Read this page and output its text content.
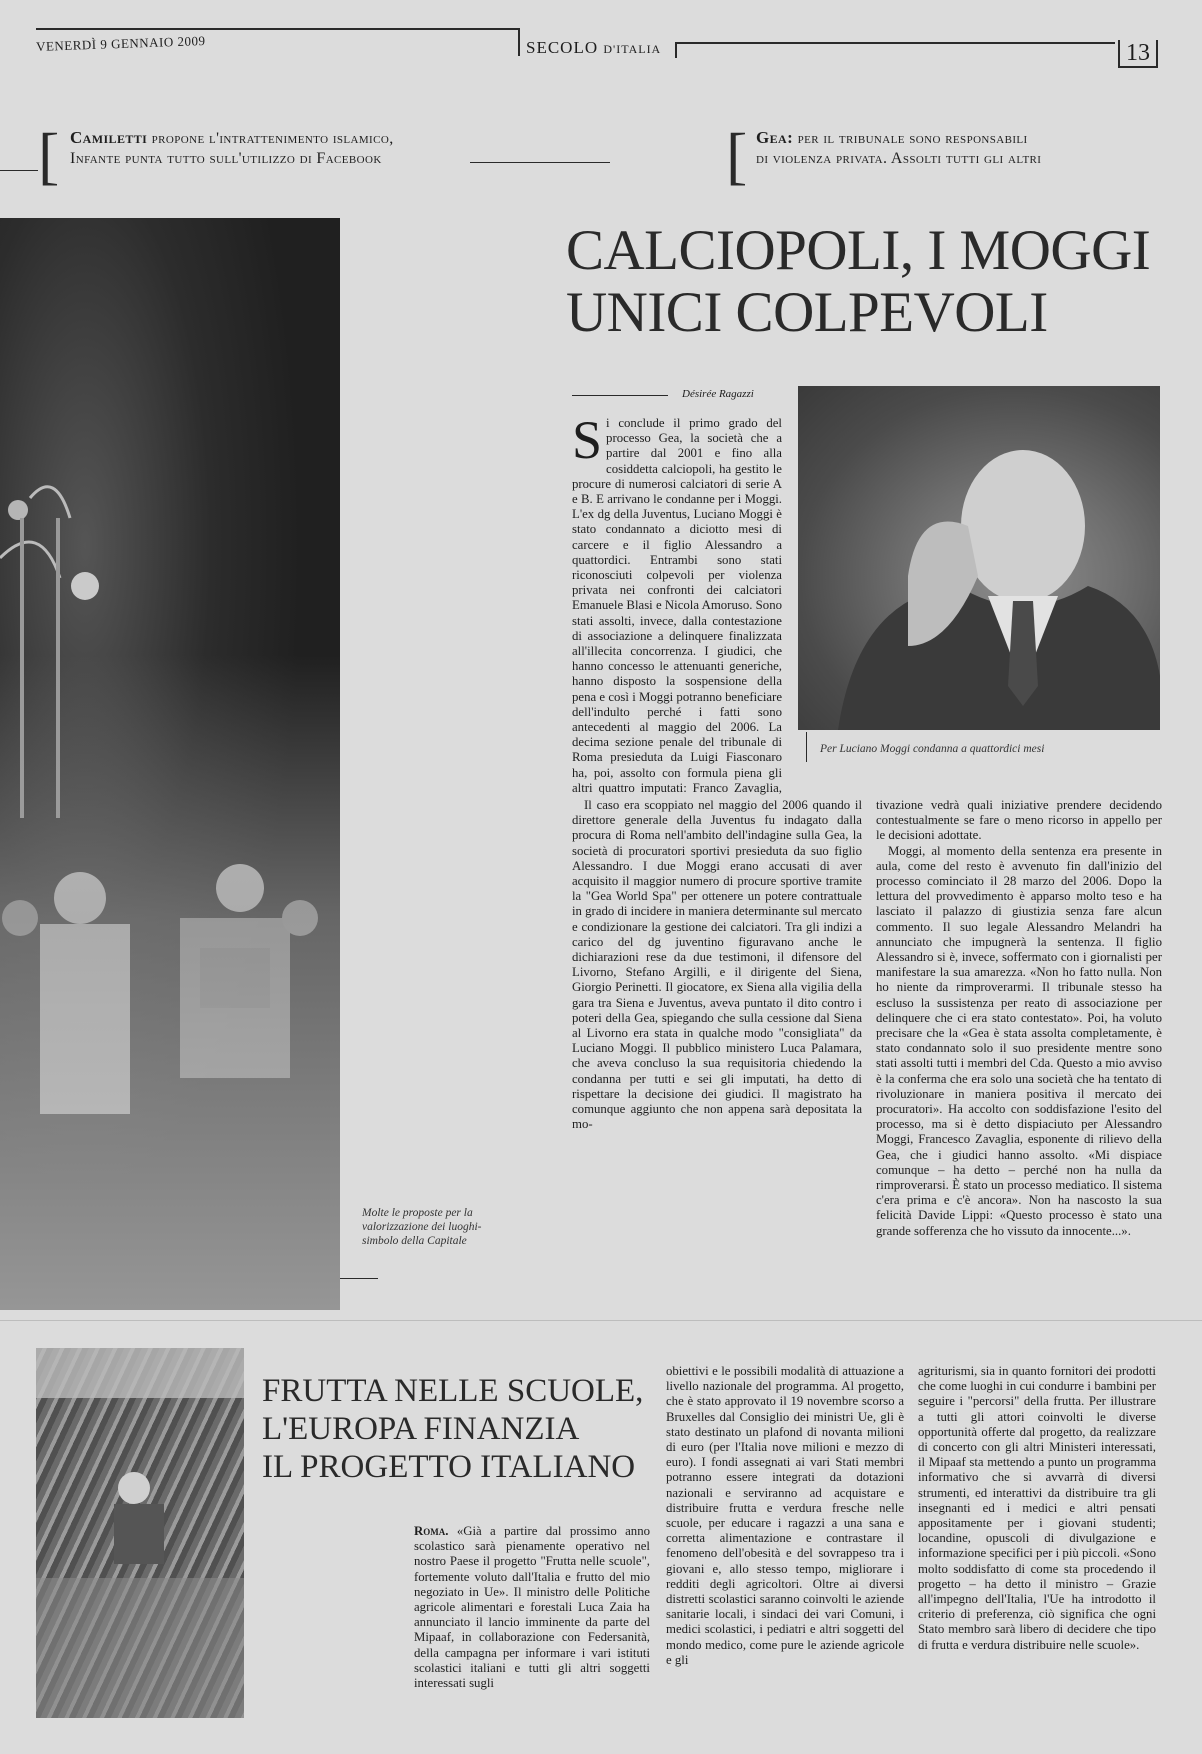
VENERDÌ 9 GENNAIO 2009	SECOLO D'ITALIA	13
[ Camiletti propone l'intrattenimento islamico,
Infante punta tutto sull'utilizzo di Facebook	[ Gea: per il tribunale sono responsabili
di violenza privata. Assolti tutti gli altri
Molte le proposte per la valorizzazione dei luoghi-simbolo della Capitale
CALCIOPOLI, I MOGGI
UNICI COLPEVOLI
Désirée Ragazzi
Per Luciano Moggi condanna a quattordici mesi

Si conclude il primo grado del processo Gea, la società che a partire dal 2001 e fino alla cosiddetta calciopoli, ha gestito le procure di numerosi calciatori di serie A e B. E arrivano le condanne per i Moggi. L'ex dg della Juventus, Luciano Moggi è stato condannato a diciotto mesi di carcere e il figlio Alessandro a quattordici. Entrambi sono stati riconosciuti colpevoli per violenza privata nei confronti dei calciatori Emanuele Blasi e Nicola Amoruso. Sono stati assolti, invece, dalla contestazione di associazione a delinquere finalizzata all'illecita concorrenza. I giudici, che hanno concesso le attenuanti generiche, hanno disposto la sospensione della pena e così i Moggi potranno beneficiare dell'indulto perché i fatti sono antecedenti al maggio del 2006. La decima sezione penale del tribunale di Roma presieduta da Luigi Fiasconaro ha, poi, assolto con formula piena gli altri quattro imputati: Franco Zavaglia,

Il caso era scoppiato nel maggio del 2006 quando il direttore generale della Juventus fu indagato dalla procura di Roma nell'ambito dell'indagine sulla Gea, la società di procuratori sportivi presieduta da suo figlio Alessandro. I due Moggi erano accusati di aver acquisito il maggior numero di procure sportive tramite la "Gea World Spa" per ottenere un potere contrattuale in grado di incidere in maniera determinante sul mercato e condizionare la gestione dei calciatori. Tra gli indizi a carico del dg juventino figuravano anche le dichiarazioni rese da due testimoni, il difensore del Livorno, Stefano Argilli, e il dirigente del Siena, Giorgio Perinetti. Il giocatore, ex Siena alla vigilia della gara tra Siena e Juventus, aveva puntato il dito contro i poteri della Gea, spiegando che sulla cessione dal Siena al Livorno era stata in qualche modo "consigliata" da Luciano Moggi. Il pubblico ministero Luca Palamara, che aveva concluso la sua requisitoria chiedendo la condanna per tutti e sei gli imputati, ha detto di rispettare la decisione dei giudici. Il magistrato ha comunque aggiunto che non appena sarà depositata la mo-

tivazione vedrà quali iniziative prendere decidendo contestualmente se fare o meno ricorso in appello per le decisioni adottate.

Moggi, al momento della sentenza era presente in aula, come del resto è avvenuto fin dall'inizio del processo cominciato il 28 marzo del 2006. Dopo la lettura del provvedimento è apparso molto teso e ha lasciato il palazzo di giustizia senza fare alcun commento. Il suo legale Alessandro Melandri ha annunciato che impugnerà la sentenza. Il figlio Alessandro si è, invece, soffermato con i giornalisti per manifestare la sua amarezza. «Non ho fatto nulla. Non ho niente da rimproverarmi. Il tribunale stesso ha escluso la sussistenza per reato di associazione per delinquere che ci era stato contestato». Poi, ha voluto precisare che la «Gea è stata assolta completamente, è stato condannato solo il suo presidente mentre sono stati assolti tutti i membri del Cda. Questo a mio avviso è la conferma che era solo una società che ha tentato di rivoluzionare in maniera positiva il mercato dei procuratori». Ha accolto con soddisfazione l'esito del processo, ma si è detto dispiaciuto per Alessandro Moggi, Francesco Zavaglia, esponente di rilievo della Gea, che i giudici hanno assolto. «Mi dispiace comunque – ha detto – perché non ha nulla da rimproverarsi. È stato un processo mediatico. Il sistema c'era prima e c'è ancora». Non ha nascosto la sua felicità Davide Lippi: «Questo processo è stato una grande sofferenza che ho vissuto da innocente...».

FRUTTA NELLE SCUOLE,
L'EUROPA FINANZIA
IL PROGETTO ITALIANO

Roma. «Già a partire dal prossimo anno scolastico sarà pienamente operativo nel nostro Paese il progetto "Frutta nelle scuole", fortemente voluto dall'Italia e frutto del mio negoziato in Ue». Il ministro delle Politiche agricole alimentari e forestali Luca Zaia ha annunciato il lancio imminente da parte del Mipaaf, in collaborazione con Federsanità, della campagna per informare i vari istituti scolastici italiani e tutti gli altri soggetti interessati sugli

obiettivi e le possibili modalità di attuazione a livello nazionale del programma. Al progetto, che è stato approvato il 19 novembre scorso a Bruxelles dal Consiglio dei ministri Ue, gli è stato destinato un plafond di novanta milioni di euro (per l'Italia nove milioni e mezzo di euro). I fondi assegnati ai vari Stati membri potranno essere integrati da dotazioni nazionali e serviranno ad acquistare e distribuire frutta e verdura fresche nelle scuole, per educare i ragazzi a una sana e corretta alimentazione e contrastare il fenomeno dell'obesità e del sovrappeso tra i giovani e, allo stesso tempo, migliorare i redditi degli agricoltori. Oltre ai diversi distretti scolastici saranno coinvolti le aziende sanitarie locali, i sindaci dei vari Comuni, i medici scolastici, i pediatri e altri soggetti del mondo medico, come pure le aziende agricole e gli

agriturismi, sia in quanto fornitori dei prodotti che come luoghi in cui condurre i bambini per seguire i "percorsi" della frutta. Per illustrare a tutti gli attori coinvolti le diverse opportunità offerte dal progetto, da realizzare di concerto con gli altri Ministeri interessati, il Mipaaf sta mettendo a punto un programma informativo che si avvarrà di diversi strumenti, ed interattivi da distribuire tra gli insegnanti ed i medici e altri pensati appositamente per i giovani studenti; locandine, opuscoli di divulgazione e informazione specifici per i più piccoli. «Sono molto soddisfatto di come sta procedendo il progetto – ha detto il ministro – Grazie all'impegno dell'Italia, l'Ue ha introdotto il criterio di preferenza, ciò significa che ogni Stato membro sarà libero di decidere che tipo di frutta e verdura distribuire nelle scuole».
